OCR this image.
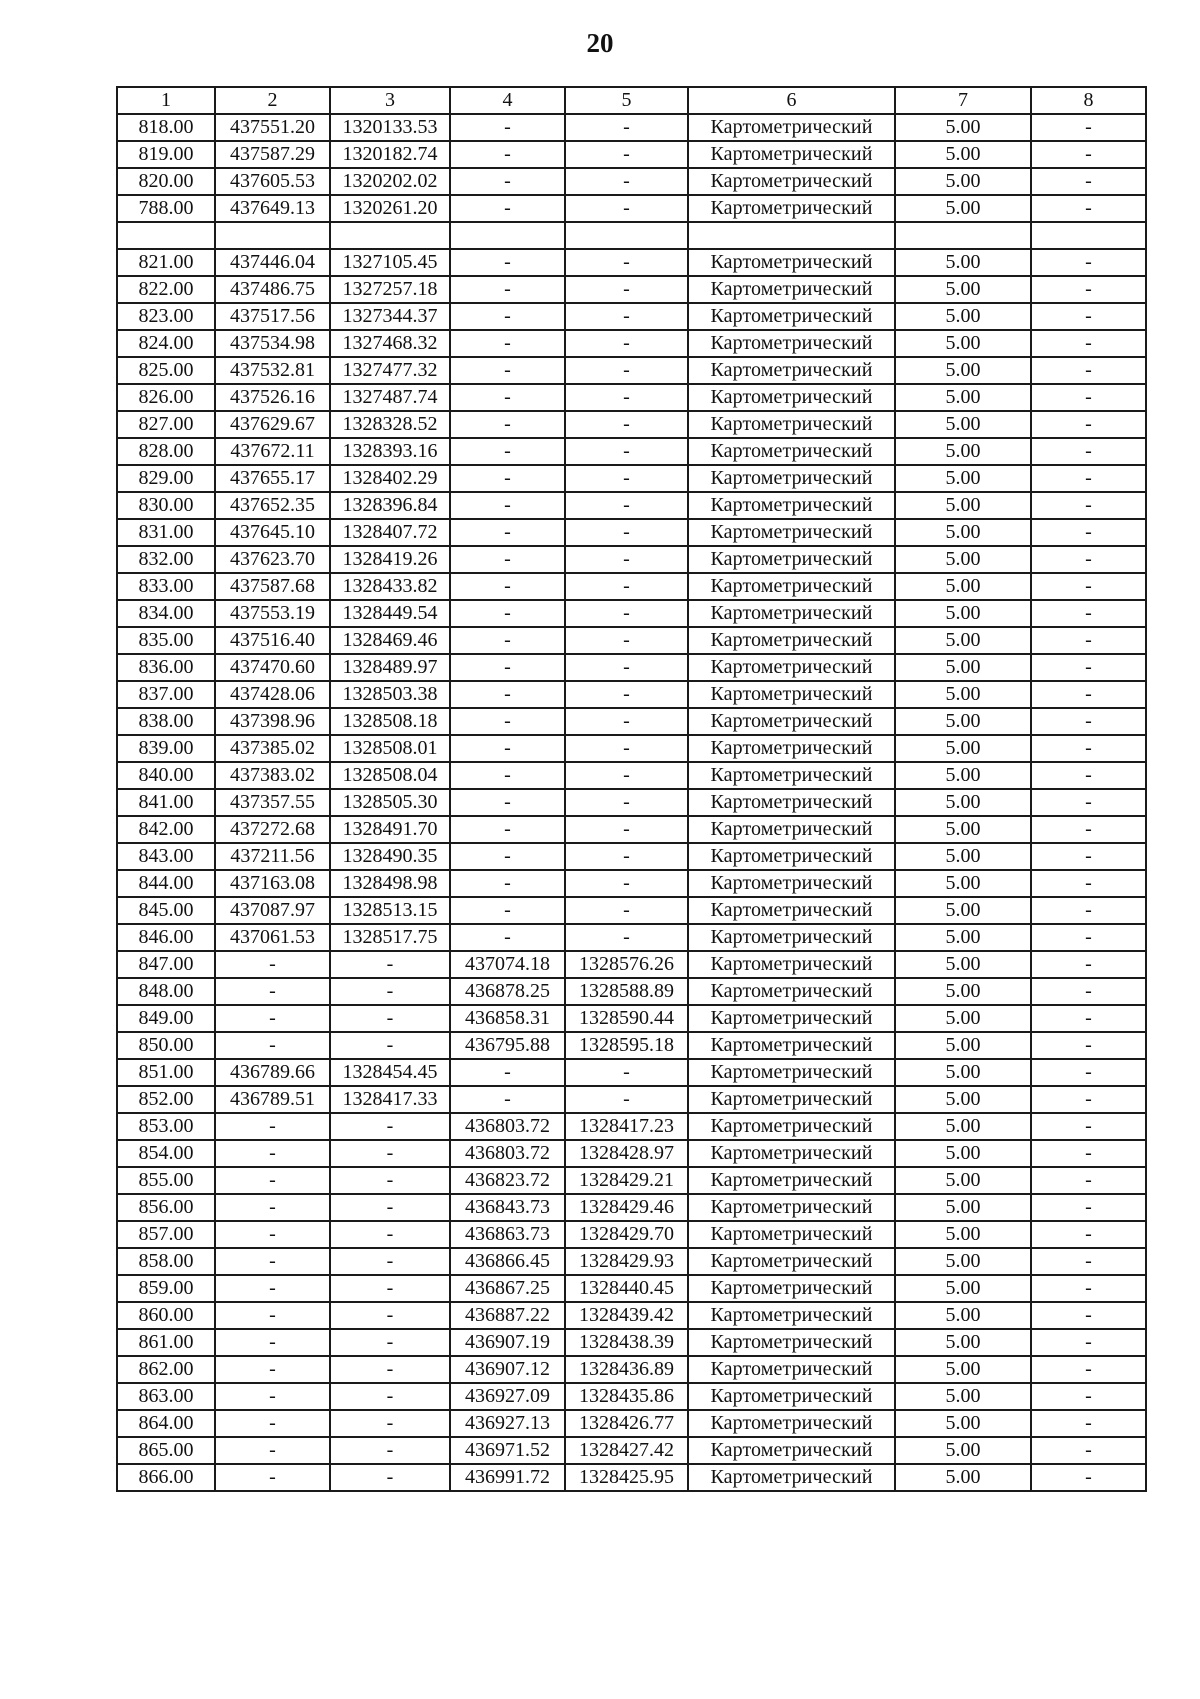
20
1	2	3	4	5	6	7	8
818.00	437551.20	1320133.53	-	-	Картометрический	5.00	-
819.00	437587.29	1320182.74	-	-	Картометрический	5.00	-
820.00	437605.53	1320202.02	-	-	Картометрический	5.00	-
788.00	437649.13	1320261.20	-	-	Картометрический	5.00	-

821.00	437446.04	1327105.45	-	-	Картометрический	5.00	-
822.00	437486.75	1327257.18	-	-	Картометрический	5.00	-
823.00	437517.56	1327344.37	-	-	Картометрический	5.00	-
824.00	437534.98	1327468.32	-	-	Картометрический	5.00	-
825.00	437532.81	1327477.32	-	-	Картометрический	5.00	-
826.00	437526.16	1327487.74	-	-	Картометрический	5.00	-
827.00	437629.67	1328328.52	-	-	Картометрический	5.00	-
828.00	437672.11	1328393.16	-	-	Картометрический	5.00	-
829.00	437655.17	1328402.29	-	-	Картометрический	5.00	-
830.00	437652.35	1328396.84	-	-	Картометрический	5.00	-
831.00	437645.10	1328407.72	-	-	Картометрический	5.00	-
832.00	437623.70	1328419.26	-	-	Картометрический	5.00	-
833.00	437587.68	1328433.82	-	-	Картометрический	5.00	-
834.00	437553.19	1328449.54	-	-	Картометрический	5.00	-
835.00	437516.40	1328469.46	-	-	Картометрический	5.00	-
836.00	437470.60	1328489.97	-	-	Картометрический	5.00	-
837.00	437428.06	1328503.38	-	-	Картометрический	5.00	-
838.00	437398.96	1328508.18	-	-	Картометрический	5.00	-
839.00	437385.02	1328508.01	-	-	Картометрический	5.00	-
840.00	437383.02	1328508.04	-	-	Картометрический	5.00	-
841.00	437357.55	1328505.30	-	-	Картометрический	5.00	-
842.00	437272.68	1328491.70	-	-	Картометрический	5.00	-
843.00	437211.56	1328490.35	-	-	Картометрический	5.00	-
844.00	437163.08	1328498.98	-	-	Картометрический	5.00	-
845.00	437087.97	1328513.15	-	-	Картометрический	5.00	-
846.00	437061.53	1328517.75	-	-	Картометрический	5.00	-
847.00	-	-	437074.18	1328576.26	Картометрический	5.00	-
848.00	-	-	436878.25	1328588.89	Картометрический	5.00	-
849.00	-	-	436858.31	1328590.44	Картометрический	5.00	-
850.00	-	-	436795.88	1328595.18	Картометрический	5.00	-
851.00	436789.66	1328454.45	-	-	Картометрический	5.00	-
852.00	436789.51	1328417.33	-	-	Картометрический	5.00	-
853.00	-	-	436803.72	1328417.23	Картометрический	5.00	-
854.00	-	-	436803.72	1328428.97	Картометрический	5.00	-
855.00	-	-	436823.72	1328429.21	Картометрический	5.00	-
856.00	-	-	436843.73	1328429.46	Картометрический	5.00	-
857.00	-	-	436863.73	1328429.70	Картометрический	5.00	-
858.00	-	-	436866.45	1328429.93	Картометрический	5.00	-
859.00	-	-	436867.25	1328440.45	Картометрический	5.00	-
860.00	-	-	436887.22	1328439.42	Картометрический	5.00	-
861.00	-	-	436907.19	1328438.39	Картометрический	5.00	-
862.00	-	-	436907.12	1328436.89	Картометрический	5.00	-
863.00	-	-	436927.09	1328435.86	Картометрический	5.00	-
864.00	-	-	436927.13	1328426.77	Картометрический	5.00	-
865.00	-	-	436971.52	1328427.42	Картометрический	5.00	-
866.00	-	-	436991.72	1328425.95	Картометрический	5.00	-
